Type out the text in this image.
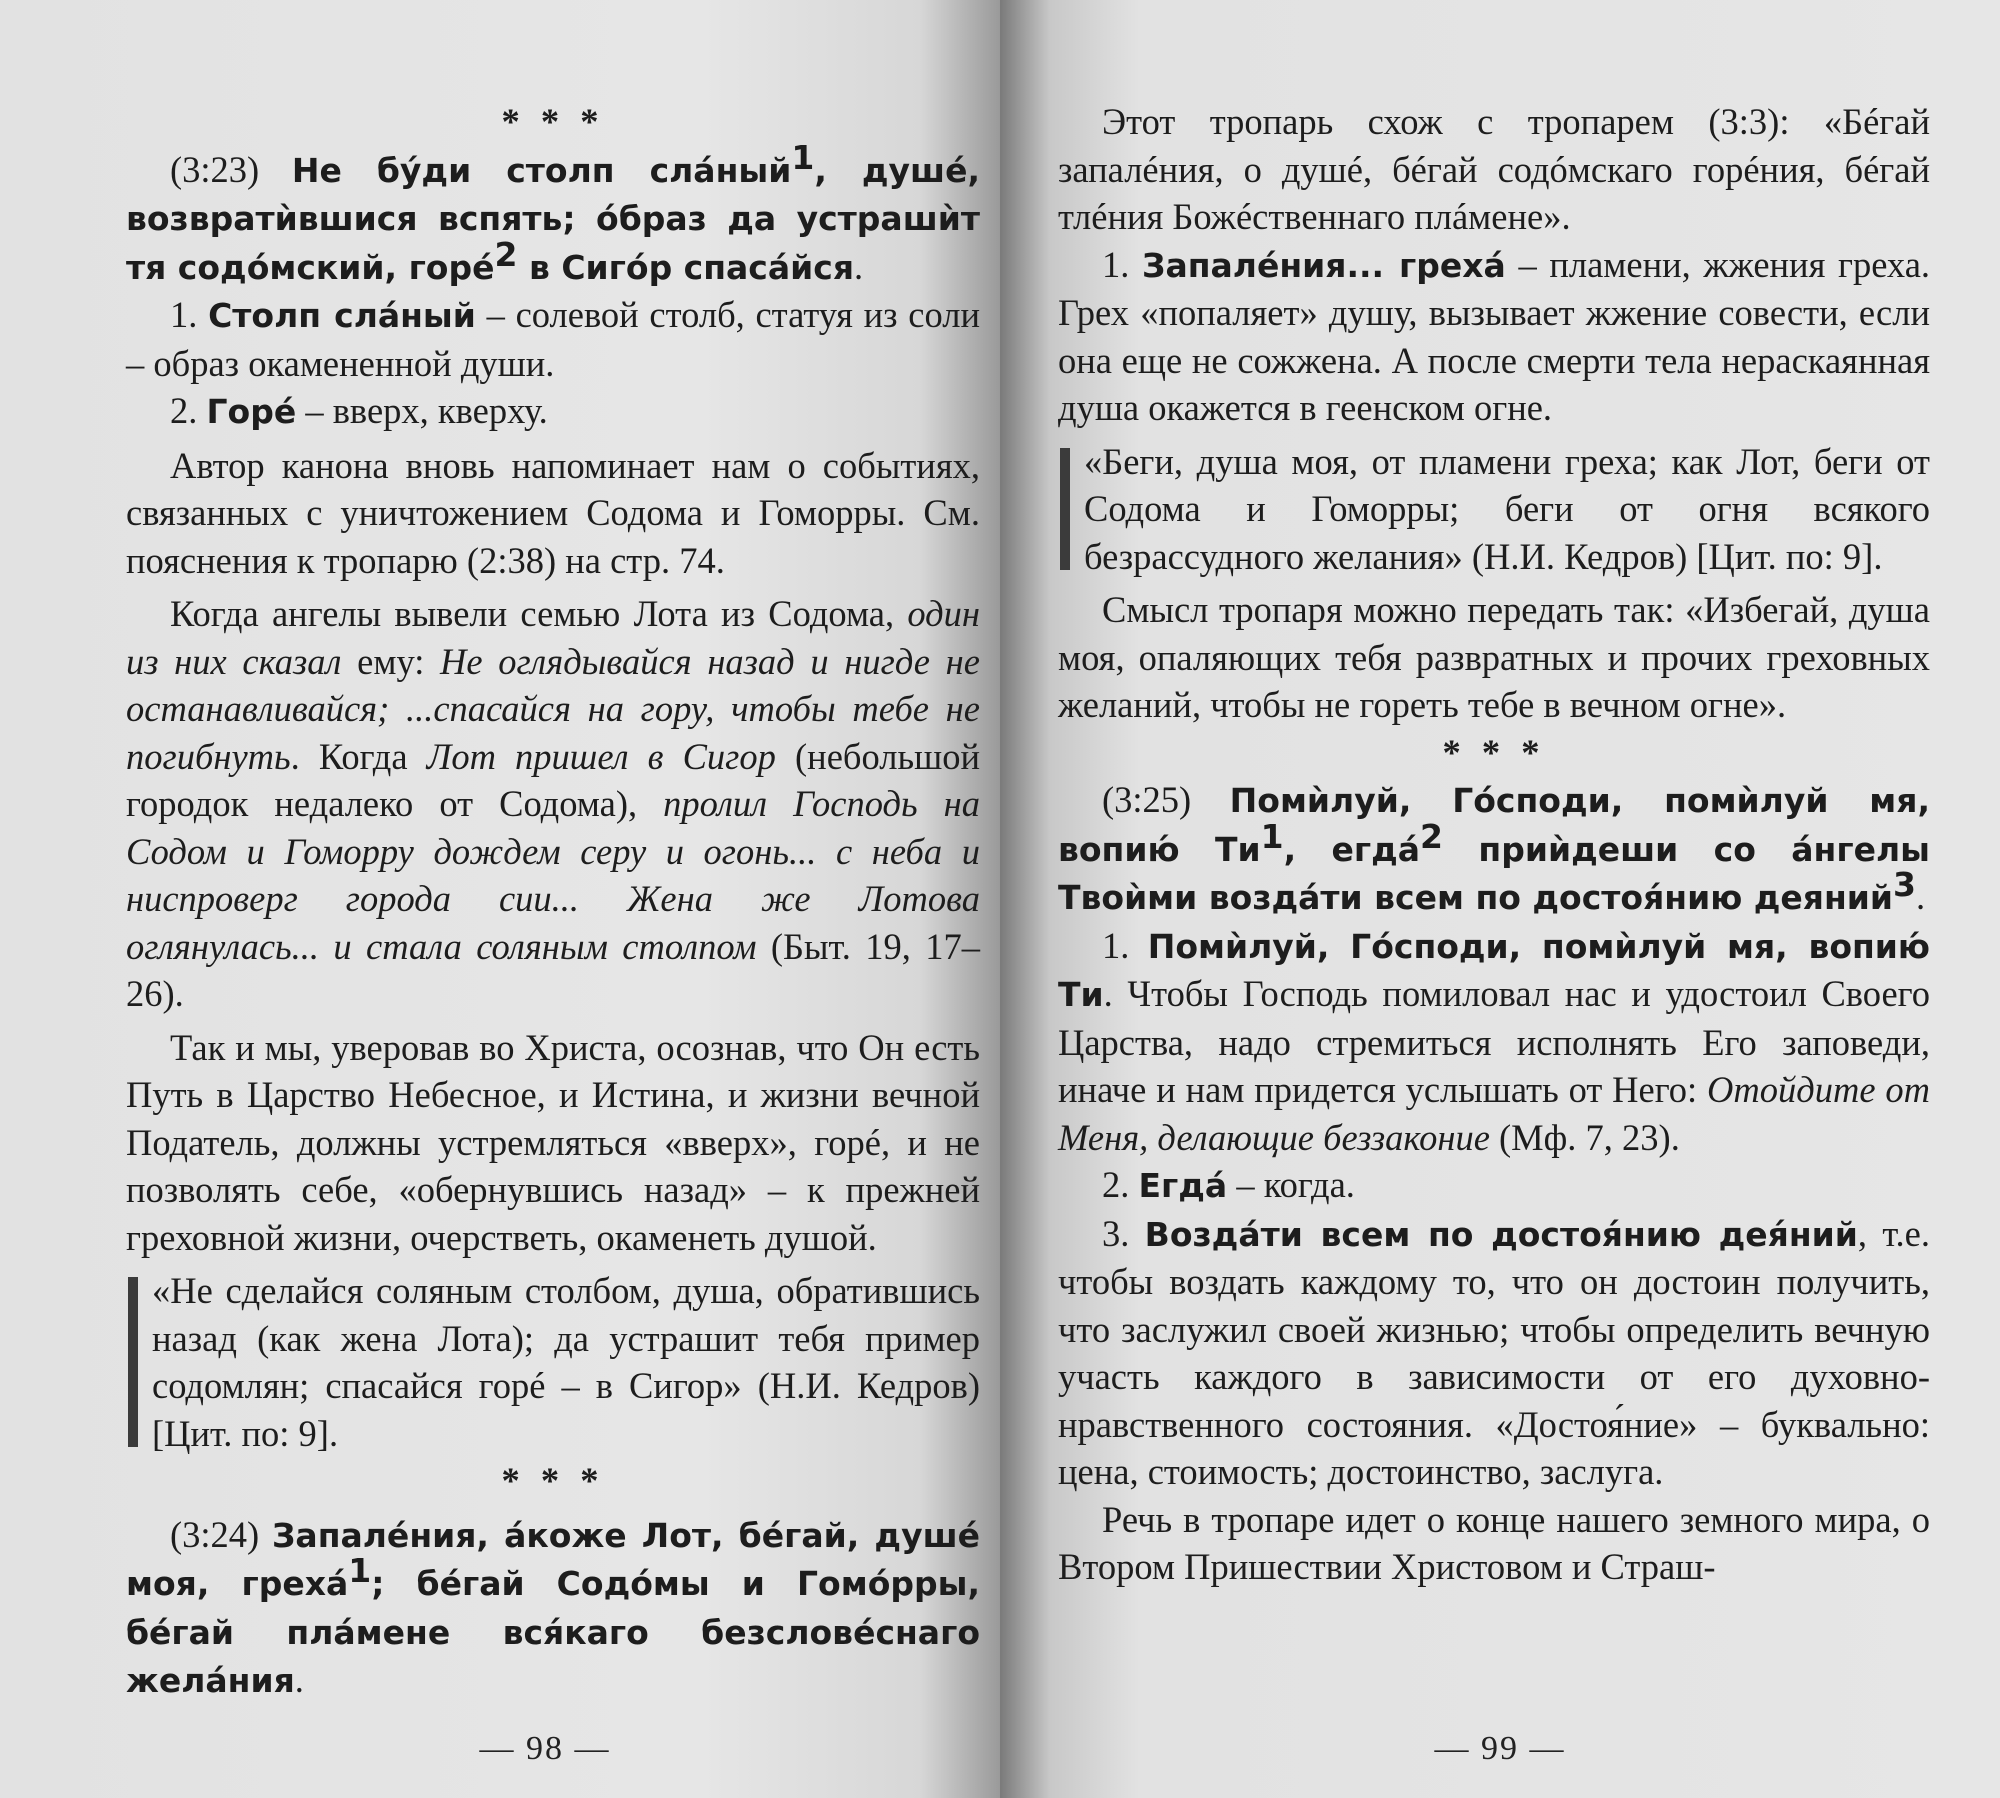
* * *

(3:23) Не бýди столп слáный$^1$, душé, возвратѝвшися вспять; óбраз да устрашѝт тя содóмский, горé$^2$ в Сигóр спасáйся.

1. Столп слáный – солевой столб, статуя из соли – образ окамененной души.

2. Горé – вверх, кверху.

Автор канона вновь напоминает нам о событиях, связанных с уничтожением Содома и Гоморры. См. пояснения к тропарю (2:38) на стр. 74.

Когда ангелы вывели семью Лота из Содома, один из них сказал ему: Не оглядывайся назад и нигде не останавливайся; ...спасайся на гору, чтобы тебе не погибнуть. Когда Лот пришел в Сигор (небольшой городок недалеко от Содома), пролил Господь на Содом и Гоморру дождем серу и огонь... с неба и ниспроверг города сии... Жена же Лотова оглянулась... и стала соляным столпом (Быт. 19, 17–26).

Так и мы, уверовав во Христа, осознав, что Он есть Путь в Царство Небесное, и Истина, и жизни вечной Податель, должны устремляться «вверх», горé, и не позволять себе, «обернувшись назад» – к прежней греховной жизни, очерстветь, окаменеть душой.

«Не сделайся соляным столбом, душа, обратившись назад (как жена Лота); да устрашит тебя пример содомлян; спасайся горé – в Сигор» (Н.И. Кедров) [Цит. по: 9].

* * *

(3:24) Запалéния, áкоже Лот, бéгай, душé моя, грехá$^1$; бéгай Содóмы и Гомóрры, бéгай плáмене вся́каго безсловéснаго желáния.

— 98 —

Этот тропарь схож с тропарем (3:3): «Бéгай запалéния, о душé, бéгай содóмскаго горéния, бéгай тлéния Божéственнаго плáмене».

1. Запалéния... грехá – пламени, жжения греха. Грех «попаляет» душу, вызывает жжение совести, если она еще не сожжена. А после смерти тела нераскаянная душа окажется в геенском огне.

«Беги, душа моя, от пламени греха; как Лот, беги от Содома и Гоморры; беги от огня всякого безрассудного желания» (Н.И. Кедров) [Цит. по: 9].

Смысл тропаря можно передать так: «Избегай, душа моя, опаляющих тебя развратных и прочих греховных желаний, чтобы не гореть тебе в вечном огне».

* * *

(3:25) Помѝлуй, Гóсподи, помѝлуй мя, вопию́ $Ти^1$, егдá$^2$ приѝдеши со áнгелы Твоѝми воздáти всем по достоя́нию деяний$^3$.

1. Помѝлуй, Гóсподи, помѝлуй мя, вопию́ Ти. Чтобы Господь помиловал нас и удостоил Своего Царства, надо стремиться исполнять Его заповеди, иначе и нам придется услышать от Него: Отойдите от Меня, делающие беззаконие (Мф. 7, 23).

2. Егдá – когда.

3. Воздáти всем по достоя́нию дея́ний, т.е. чтобы воздать каждому то, что он достоин получить, что заслужил своей жизнью; чтобы определить вечную участь каждого в зависимости от его духовно-нравственного состояния. «Достоя́ние» – буквально: цена, стоимость; достоинство, заслуга.

Речь в тропаре идет о конце нашего земного мира, о Втором Пришествии Христовом и Страш-

— 99 —
